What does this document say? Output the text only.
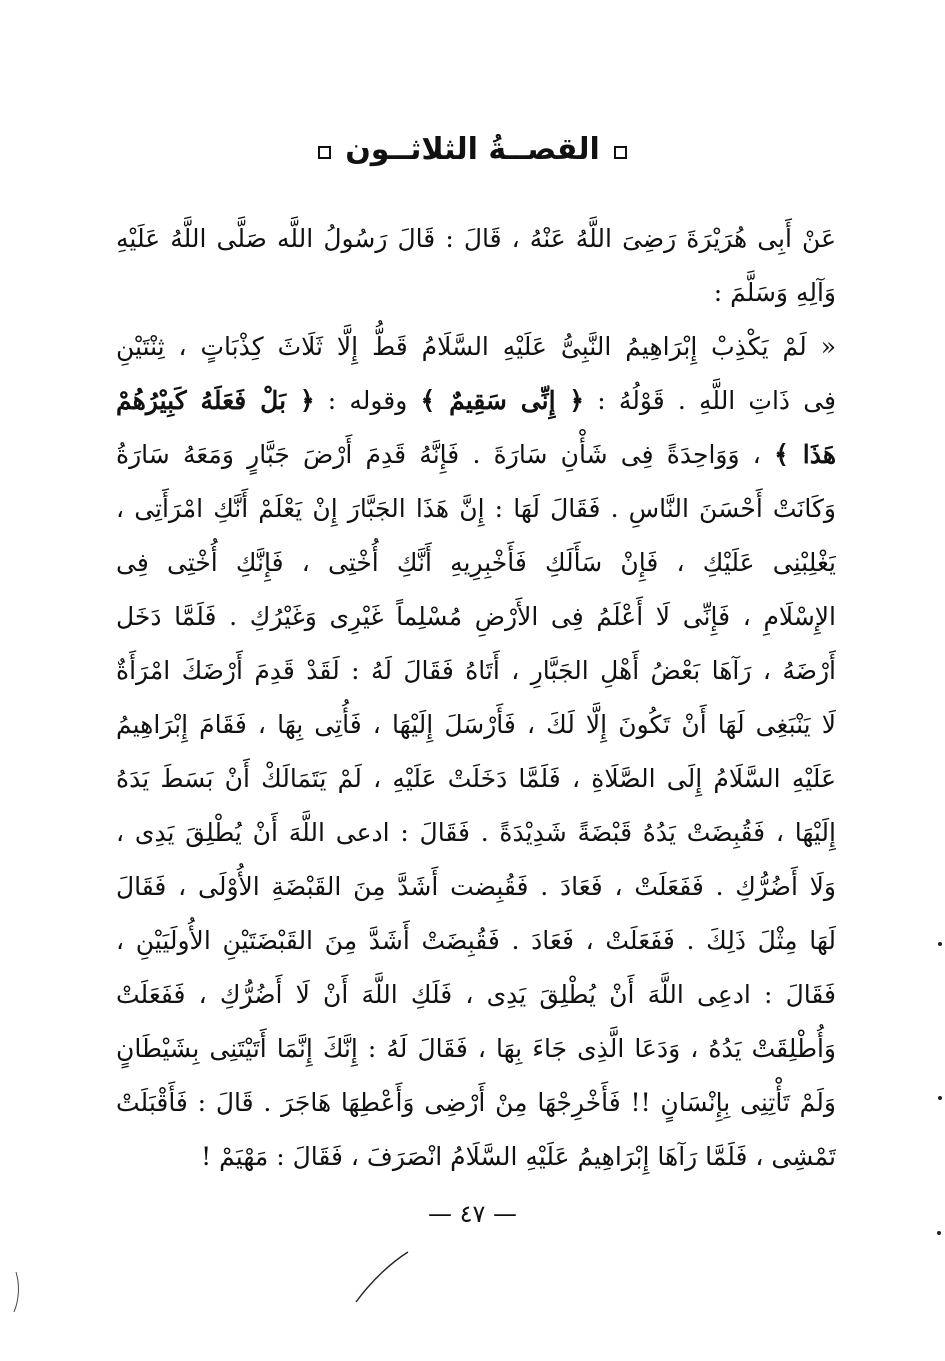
القصــةُ الثلاثــون
عَنْ أَبِى هُرَيْرَةَ رَضِىَ اللَّهُ عَنْهُ ، قَالَ : قَالَ رَسُولُ اللَّه صَلَّى اللَّهُ عَلَيْهِ
وَآلِهِ وَسَلَّمَ :
« لَمْ يَكْذِبْ إِبْرَاهِيمُ النَّبِىُّ عَلَيْهِ السَّلَامُ قَطُّ إِلَّا ثَلَاثَ كِذْبَاتٍ ، ثِنْتَيْنِ
فِى ذَاتِ اللَّهِ . قَوْلُهُ : ﴿ إِنِّى سَقِيمٌ ﴾ وقوله : ﴿ بَلْ فَعَلَهُ كَبِيْرُهُمْ
هَذَا ﴾ ، وَوَاحِدَةً فِى شَأْنِ سَارَةَ . فَإِنَّهُ قَدِمَ أَرْضَ جَبَّارٍ وَمَعَهُ سَارَةُ
وَكَانَتْ أَحْسَنَ النَّاسِ . فَقَالَ لَهَا : إِنَّ هَذَا الجَبَّارَ إِنْ يَعْلَمْ أَنَّكِ امْرَأَتِى ،
يَغْلِبْنِى عَلَيْكِ ، فَإِنْ سَأَلَكِ فَأَخْبِرِيهِ أَنَّكِ أُخْتِى ، فَإِنَّكِ أُخْتِى فِى
الإِسْلَامِ ، فَإِنِّى لَا أَعْلَمُ فِى الأَرْضِ مُسْلِماً غَيْرِى وَغَيْرُكِ . فَلَمَّا دَخَل
أَرْضَهُ ، رَآهَا بَعْضُ أَهْلِ الجَبَّارِ ، أَتَاهُ فَقَالَ لَهُ : لَقَدْ قَدِمَ أَرْضَكَ امْرَأَةٌ
لَا يَنْبَغِى لَهَا أَنْ تَكُونَ إِلَّا لَكَ ، فَأَرْسَلَ إِلَيْهَا ، فَأُتِى بِهَا ، فَقَامَ إِبْرَاهِيمُ
عَلَيْهِ السَّلَامُ إِلَى الصَّلَاةِ ، فَلَمَّا دَخَلَتْ عَلَيْهِ ، لَمْ يَتَمَالَكْ أَنْ بَسَطَ يَدَهُ
إِلَيْهَا ، فَقُبِضَتْ يَدُهُ قَبْضَةً شَدِيْدَةً . فَقَالَ : ادعى اللَّهَ أَنْ يُطْلِقَ يَدِى ،
وَلَا أَضُرُّكِ . فَفَعَلَتْ ، فَعَادَ . فَقُبِضت أَشَدَّ مِنَ القَبْضَةِ الأُوْلَى ، فَقَالَ
لَهَا مِثْلَ ذَلِكَ . فَفَعَلَتْ ، فَعَادَ . فَقُبِضَتْ أَشَدَّ مِنَ القَبْضَتَيْنِ الأُولَيَيْنِ ،
فَقَالَ : ادعِى اللَّهَ أَنْ يُطْلِقَ يَدِى ، فَلَكِ اللَّهَ أَنْ لَا أَضُرُّكِ ، فَفَعَلَتْ
وَأُطْلِقَتْ يَدُهُ ، وَدَعَا الَّذِى جَاءَ بِهَا ، فَقَالَ لَهُ : إِنَّكَ إِنَّمَا أَتَيْتَنِى بِشَيْطَانٍ
وَلَمْ تَأْتِنِى بِإِنْسَانٍ !! فَأَخْرِجْهَا مِنْ أَرْضِى وَأَعْطِهَا هَاجَرَ . قَالَ : فَأَقْبَلَتْ
تَمْشِى ، فَلَمَّا رَآهَا إِبْرَاهِيمُ عَلَيْهِ السَّلَامُ انْصَرَفَ ، فَقَالَ : مَهْيَمْ !
— ٤٧ —
